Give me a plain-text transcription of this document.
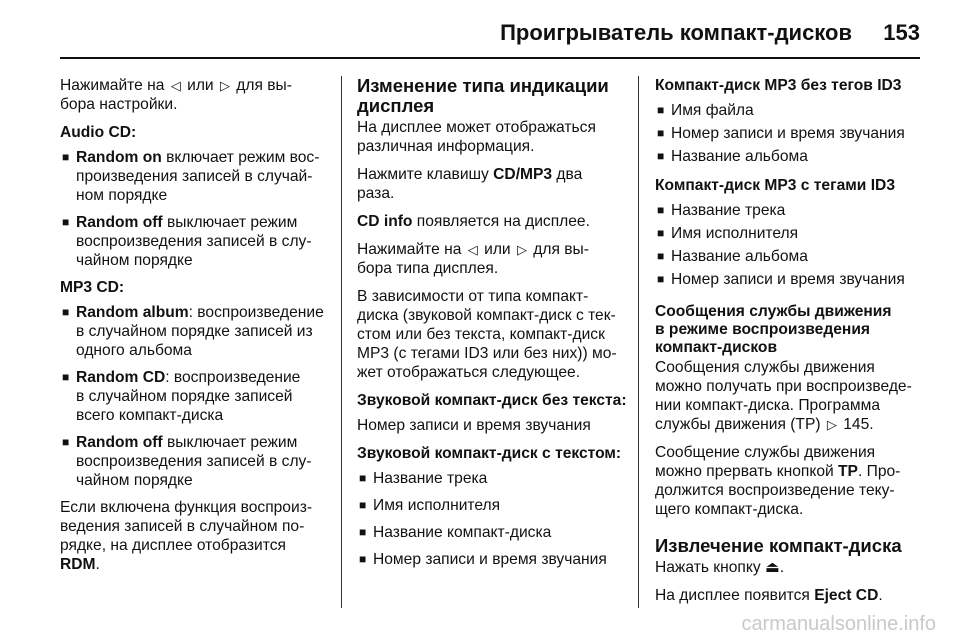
Проигрыватель компакт-дисков 153

Нажимайте на ◁ или ▷ для вы-
бора настройки.

Audio CD:
■ Random on включает режим вос-
произведения записей в случай-
ном порядке
■ Random off выключает режим
воспроизведения записей в слу-
чайном порядке
MP3 CD:
■ Random album: воспроизведение
в случайном порядке записей из
одного альбома
■ Random CD: воспроизведение
в случайном порядке записей
всего компакт-диска
■ Random off выключает режим
воспроизведения записей в слу-
чайном порядке

Если включена функция воспроиз-
ведения записей в случайном по-
рядке, на дисплее отобразится
RDM.

Изменение типа индикации
дисплея

На дисплее может отображаться
различная информация.

Нажмите клавишу CD/MP3 два
раза.

CD info появляется на дисплее.

Нажимайте на ◁ или ▷ для вы-
бора типа дисплея.

В зависимости от типа компакт-
диска (звуковой компакт-диск с тек-
стом или без текста, компакт-диск
МР3 (с тегами ID3 или без них)) мо-
жет отображаться следующее.

Звуковой компакт-диск без текста:

Номер записи и время звучания

Звуковой компакт-диск с текстом:
■ Название трека
■ Имя исполнителя
■ Название компакт-диска
■ Номер записи и время звучания
Компакт-диск MP3 без тегов ID3
■ Имя файла
■ Номер записи и время звучания
■ Название альбома
Компакт-диск MP3 с тегами ID3
■ Название трека
■ Имя исполнителя
■ Название альбома
■ Номер записи и время звучания
Сообщения службы движения
в режиме воспроизведения
компакт-дисков

Сообщения службы движения
можно получать при воспроизведе-
нии компакт-диска. Программа
службы движения (TP) ▷ 145.

Сообщение службы движения
можно прервать кнопкой TP. Про-
должится воспроизведение теку-
щего компакт-диска.

Извлечение компакт-диска

Нажать кнопку ⏏.

На дисплее появится Eject CD.

carmanualsonline.info
